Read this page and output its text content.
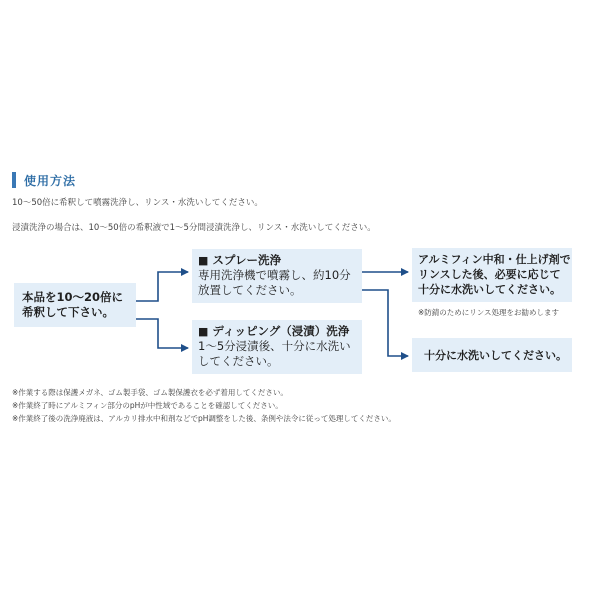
使用方法
10～50倍に希釈して噴霧洗浄し、リンス・水洗いしてください。
浸漬洗浄の場合は、10～50倍の希釈液で1～5分間浸漬洗浄し、リンス・水洗いしてください。
本品を10～20倍に
希釈して下さい。
■ スプレー洗浄
専用洗浄機で噴霧し、約10分
放置してください。
■ ディッピング（浸漬）洗浄
1～5分浸漬後、十分に水洗い
してください。
アルミフィン中和・仕上げ剤で
リンスした後、必要に応じて
十分に水洗いしてください。
※防錆のためにリンス処理をお勧めします
十分に水洗いしてください。
※作業する際は保護メガネ、ゴム製手袋、ゴム製保護衣を必ず着用してください。
※作業終了時にアルミフィン部分のpHが中性域であることを確認してください。
※作業終了後の洗浄廃液は、アルカリ排水中和剤などでpH調整をした後、条例や法令に従って処理してください。
